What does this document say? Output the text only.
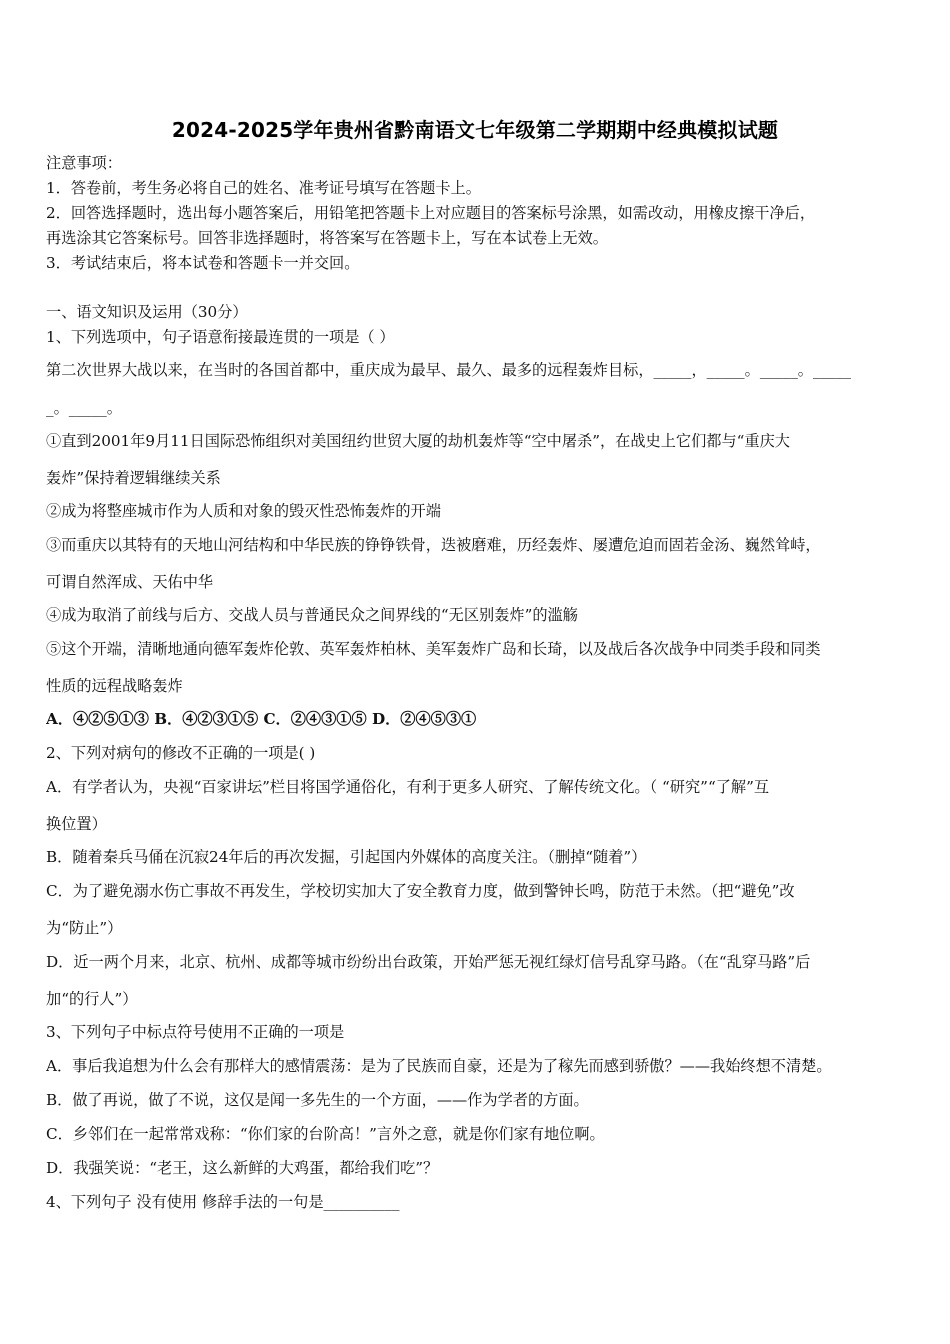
2024-2025学年贵州省黔南语文七年级第二学期期中经典模拟试题
注意事项：
1．答卷前，考生务必将自己的姓名、准考证号填写在答题卡上。
2．回答选择题时，选出每小题答案后，用铅笔把答题卡上对应题目的答案标号涂黑，如需改动，用橡皮擦干净后，
再选涂其它答案标号。回答非选择题时，将答案写在答题卡上，写在本试卷上无效。
3．考试结束后，将本试卷和答题卡一并交回。
一、语文知识及运用（30分）
1、下列选项中，句子语意衔接最连贯的一项是（ ）
第二次世界大战以来，在当时的各国首都中，重庆成为最早、最久、最多的远程轰炸目标，_____，_____。_____。_____
_。_____。
①直到2001年9月11日国际恐怖组织对美国纽约世贸大厦的劫机轰炸等“空中屠杀”，在战史上它们都与“重庆大
轰炸”保持着逻辑继续关系
②成为将整座城市作为人质和对象的毁灭性恐怖轰炸的开端
③而重庆以其特有的天地山河结构和中华民族的铮铮铁骨，迭被磨难，历经轰炸、屡遭危迫而固若金汤、巍然耸峙，
可谓自然浑成、天佑中华
④成为取消了前线与后方、交战人员与普通民众之间界线的“无区别轰炸”的滥觞
⑤这个开端，清晰地通向德军轰炸伦敦、英军轰炸柏林、美军轰炸广岛和长琦，以及战后各次战争中同类手段和同类
性质的远程战略轰炸
A．④②⑤①③ B．④②③①⑤ C．②④③①⑤ D．②④⑤③①
2、下列对病句的修改不正确的一项是( )
A．有学者认为，央视“百家讲坛”栏目将国学通俗化，有利于更多人研究、了解传统文化。（ “研究”“了解”互
换位置）
B．随着秦兵马俑在沉寂24年后的再次发掘，引起国内外媒体的高度关注。（删掉“随着”）
C．为了避免溺水伤亡事故不再发生，学校切实加大了安全教育力度，做到警钟长鸣，防范于未然。（把“避免”改
为“防止”）
D．近一两个月来，北京、杭州、成都等城市纷纷出台政策，开始严惩无视红绿灯信号乱穿马路。（在“乱穿马路”后
加“的行人”）
3、下列句子中标点符号使用不正确的一项是
A．事后我追想为什么会有那样大的感情震荡：是为了民族而自豪，还是为了稼先而感到骄傲？——我始终想不清楚。
B．做了再说，做了不说，这仅是闻一多先生的一个方面，——作为学者的方面。
C．乡邻们在一起常常戏称：“你们家的台阶高！”言外之意，就是你们家有地位啊。
D．我强笑说：“老王，这么新鲜的大鸡蛋，都给我们吃”？
4、下列句子 没有使用 修辞手法的一句是__________
